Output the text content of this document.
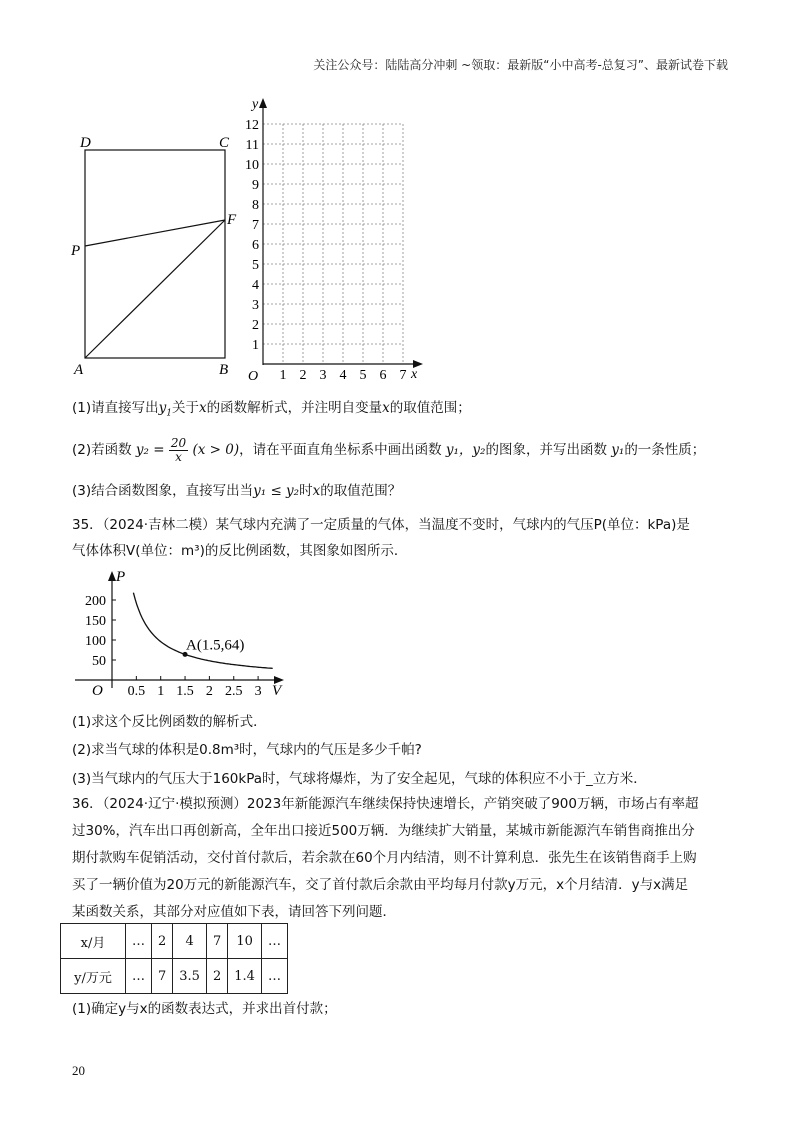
关注公众号：陆陆高分冲刺 ~领取：最新版“小中高考-总复习”、最新试卷下载
D	C
P
F
A	B
y
x
O
1
2
3
4
5
6
7
8
9
10
11
12
1 2 3 4 5 6 7
(1)请直接写出$y_1$关于x的函数解析式，并注明自变量x的取值范围；
(2)若函数 $y_2 = \frac{20}{x} (x > 0)$，请在平面直角坐标系中画出函数 y₁，y₂的图象，并写出函数 y₁的一条性质；
(3)结合函数图象，直接写出当y₁ ≤ y₂时x的取值范围？
35．（2024·吉林二模）某气球内充满了一定质量的气体，当温度不变时，气球内的气压P(单位：kPa)是
气体体积V(单位：m³)的反比例函数，其图象如图所示．
P
V
O 0.5 1 1.5 2 2.5 3
50
100
150
200
A(1.5,64)
(1)求这个反比例函数的解析式．
(2)求当气球的体积是0.8m³时，气球内的气压是多少千帕?
(3)当气球内的气压大于160kPa时，气球将爆炸，为了安全起见，气球的体积应不小于_立方米．
36．（2024·辽宁·模拟预测）2023年新能源汽车继续保持快速增长，产销突破了900万辆，市场占有率超
过30%，汽车出口再创新高，全年出口接近500万辆．为继续扩大销量，某城市新能源汽车销售商推出分
期付款购车促销活动，交付首付款后，若余款在60个月内结清，则不计算利息．张先生在该销售商手上购
买了一辆价值为20万元的新能源汽车，交了首付款后余款由平均每月付款y万元，x个月结清．y与x满足
某函数关系，其部分对应值如下表，请回答下列问题．
x/月	…	2	4	7	10	…
y/万元	…	7	3.5	2	1.4	…
(1)确定y与x的函数表达式，并求出首付款；
20
